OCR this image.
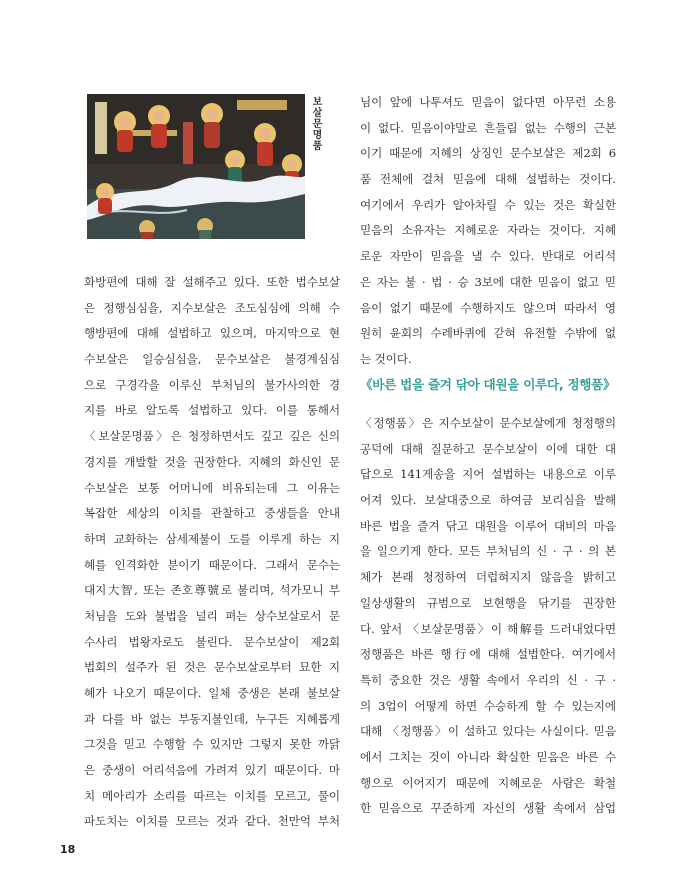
보살문명품
화방편에 대해 잘 설해주고 있다. 또한 법수보살
은 정행심심을, 지수보살은 조도심심에 의해 수
행방편에 대해 설법하고 있으며, 마지막으로 현
수보살은 일승심심을, 문수보살은 불경계심심
으로 구경각을 이루신 부처님의 불가사의한 경
지를 바로 알도록 설법하고 있다. 이를 통해서
〈보살문명품〉은 청정하면서도 깊고 깊은 신의
경지를 개발할 것을 권장한다. 지혜의 화신인 문
수보살은 보통 어머니에 비유되는데 그 이유는
복잡한 세상의 이치를 관찰하고 중생들을 안내
하며 교화하는 삼세제불이 도를 이루게 하는 지
혜를 인격화한 분이기 때문이다. 그래서 문수는
대지大智, 또는 존호尊號로 불리며, 석가모니 부
처님을 도와 불법을 널리 펴는 상수보살로서 문
수사리 법왕자로도 불린다. 문수보살이 제2회
법회의 설주가 된 것은 문수보살로부터 묘한 지
혜가 나오기 때문이다. 일체 중생은 본래 불보살
과 다를 바 없는 부동지불인데, 누구든 지혜롭게
그것을 믿고 수행할 수 있지만 그렇지 못한 까닭
은 중생이 어리석음에 가려져 있기 때문이다. 마
치 메아리가 소리를 따르는 이치를 모르고, 물이
파도치는 이치를 모르는 것과 같다. 천만억 부처
님이 앞에 나투셔도 믿음이 없다면 아무런 소용
이 없다. 믿음이야말로 흔들림 없는 수행의 근본
이기 때문에 지혜의 상징인 문수보살은 제2회 6
품 전체에 걸쳐 믿음에 대해 설법하는 것이다.
여기에서 우리가 알아차릴 수 있는 것은 확실한
믿음의 소유자는 지혜로운 자라는 것이다. 지혜
로운 자만이 믿음을 낼 수 있다. 반대로 어리석
은 자는 불 · 법 · 승 3보에 대한 믿음이 없고 믿
음이 없기 때문에 수행하지도 않으며 따라서 영
원히 윤회의 수레바퀴에 갇혀 유전할 수밖에 없
는 것이다.
《바른 법을 즐겨 닦아 대원을 이루다, 정행품》
〈정행품〉은 지수보살이 문수보살에게 청정행의
공덕에 대해 질문하고 문수보살이 이에 대한 대
답으로 141게송을 지어 설법하는 내용으로 이루
어져 있다. 보살대중으로 하여금 보리심을 발해
바른 법을 즐겨 닦고 대원을 이루어 대비의 마음
을 일으키게 한다. 모든 부처님의 신 · 구 · 의 본
체가 본래 청정하여 더럽혀지지 않음을 밝히고
일상생활의 규범으로 보현행을 닦기를 권장한
다. 앞서 〈보살문명품〉이 해解를 드러내었다면
정행품은 바른 행行에 대해 설법한다. 여기에서
특히 중요한 것은 생활 속에서 우리의 신 · 구 ·
의 3업이 어떻게 하면 수승하게 할 수 있는지에
대해 〈정행품〉이 설하고 있다는 사실이다. 믿음
에서 그치는 것이 아니라 확실한 믿음은 바른 수
행으로 이어지기 때문에 지혜로운 사람은 확철
한 믿음으로 꾸준하게 자신의 생활 속에서 삼업
18
